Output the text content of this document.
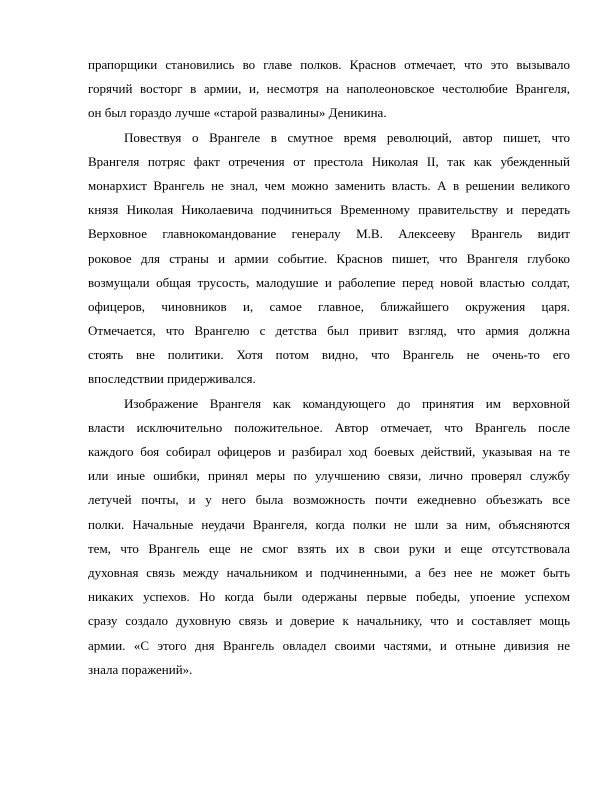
прапорщики становились во главе полков. Краснов отмечает, что это вызывало
горячий восторг в армии, и, несмотря на наполеоновское честолюбие Врангеля,
он был гораздо лучше «старой развалины» Деникина.
Повествуя о Врангеле в смутное время революций, автор пишет, что
Врангеля потряс факт отречения от престола Николая II, так как убежденный
монархист Врангель не знал, чем можно заменить власть. А в решении великого
князя Николая Николаевича подчиниться Временному правительству и передать
Верховное главнокомандование генералу М.В. Алексееву Врангель видит
роковое для страны и армии событие. Краснов пишет, что Врангеля глубоко
возмущали общая трусость, малодушие и раболепие перед новой властью солдат,
офицеров, чиновников и, самое главное, ближайшего окружения царя.
Отмечается, что Врангелю с детства был привит взгляд, что армия должна
стоять вне политики. Хотя потом видно, что Врангель не очень-то его
впоследствии придерживался.
Изображение Врангеля как командующего до принятия им верховной
власти исключительно положительное. Автор отмечает, что Врангель после
каждого боя собирал офицеров и разбирал ход боевых действий, указывая на те
или иные ошибки, принял меры по улучшению связи, лично проверял службу
летучей почты, и у него была возможность почти ежедневно объезжать все
полки. Начальные неудачи Врангеля, когда полки не шли за ним, объясняются
тем, что Врангель еще не смог взять их в свои руки и еще отсутствовала
духовная связь между начальником и подчиненными, а без нее не может быть
никаких успехов. Но когда были одержаны первые победы, упоение успехом
сразу создало духовную связь и доверие к начальнику, что и составляет мощь
армии. «С этого дня Врангель овладел своими частями, и отныне дивизия не
знала поражений».
